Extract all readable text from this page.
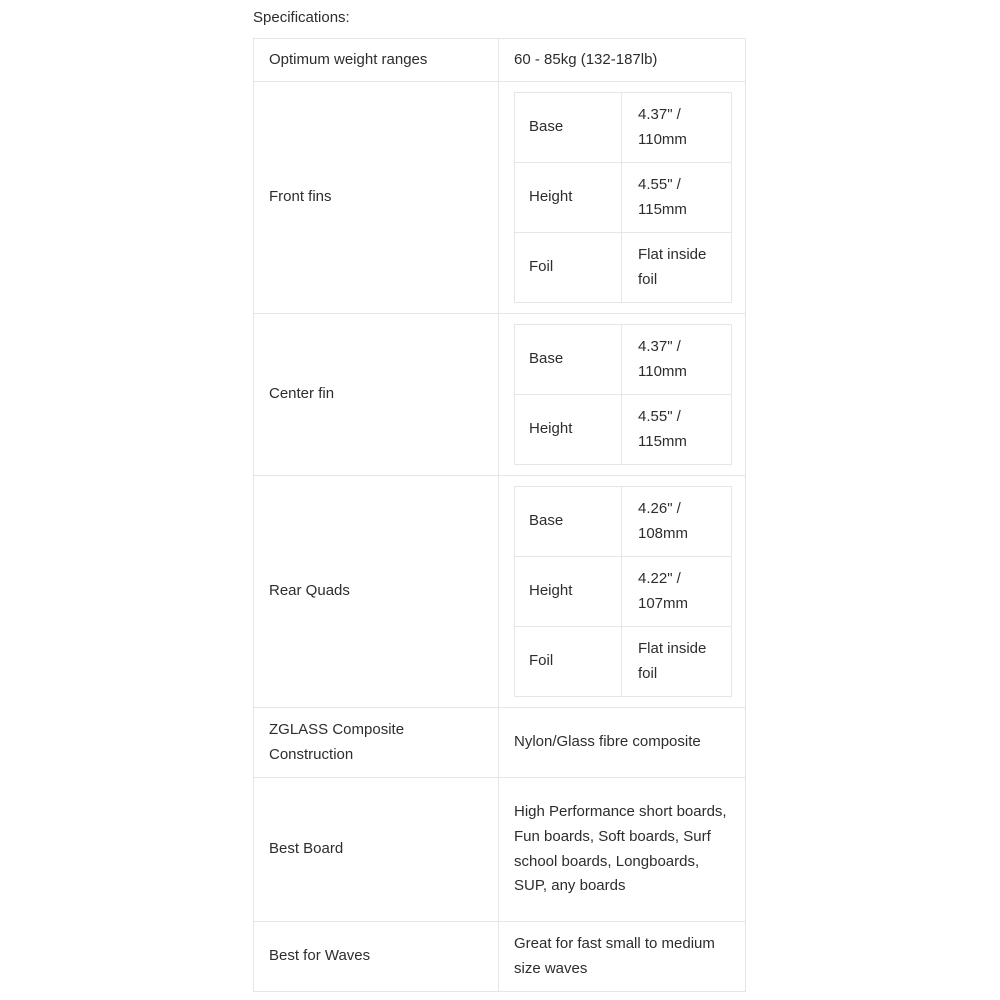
Specifications:
Optimum weight ranges	60 - 85kg (132-187lb)
Front fins	
Base	4.37" / 110mm
Height	4.55" / 115mm
Foil	Flat inside foil

Center fin	
Base	4.37" / 110mm
Height	4.55" / 115mm

Rear Quads	
Base	4.26" / 108mm
Height	4.22" / 107mm
Foil	Flat inside foil

ZGLASS Composite Construction	Nylon/Glass fibre composite
Best Board	High Performance short boards, Fun boards, Soft boards, Surf school boards, Longboards, SUP, any boards
Best for Waves	Great for fast small to medium size waves
